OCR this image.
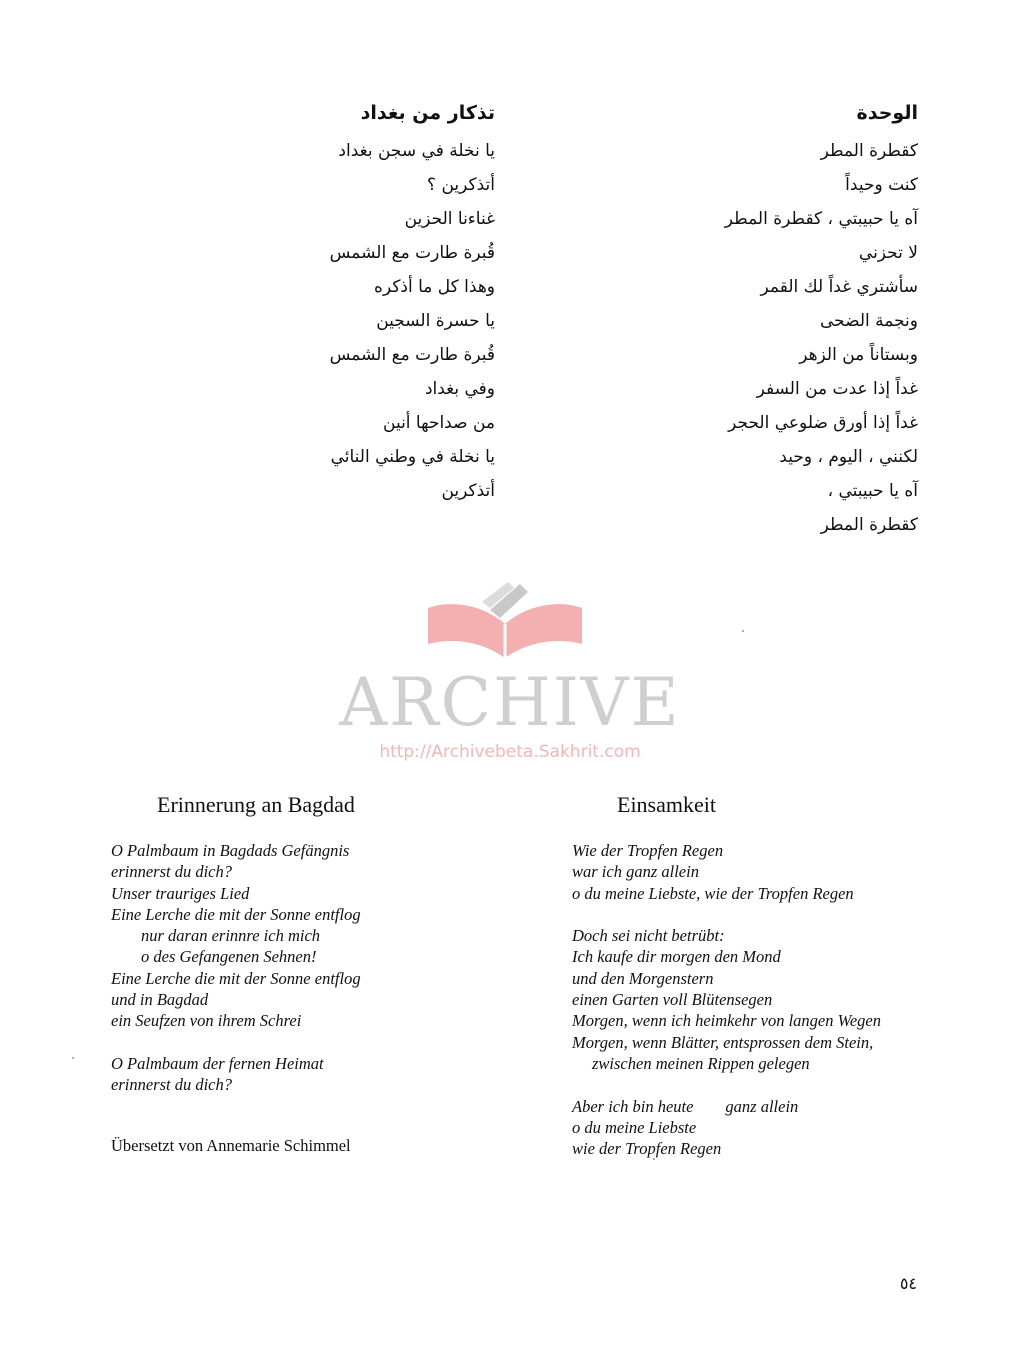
الوحدة
كقطرة المطر
كنت وحيداً
آه يا حبيبتي ، كقطرة المطر
لا تحزني
سأشتري غداً لك القمر
ونجمة الضحى
وبستاناً من الزهر
غداً إذا عدت من السفر
غداً إذا أورق ضلوعي الحجر
لكنني ، اليوم ، وحيد
آه يا حبيبتي ،
كقطرة المطر
تذكار من بغداد
يا نخلة في سجن بغداد
أتذكرين ؟
غناءنا الحزين
قُبرة طارت مع الشمس
وهذا كل ما أذكره
يا حسرة السجين
قُبرة طارت مع الشمس
وفي بغداد
من صداحها أنين
يا نخلة في وطني النائي
أتذكرين
ARCHIVE
http://Archivebeta.Sakhrit.com
Erinnerung an Bagdad	Einsamkeit
O Palmbaum in Bagdads Gefängnis
erinnerst du dich?
Unser trauriges Lied
Eine Lerche die mit der Sonne entflog
nur daran erinnre ich mich
o des Gefangenen Sehnen!
Eine Lerche die mit der Sonne entflog
und in Bagdad
ein Seufzen von ihrem Schrei
O Palmbaum der fernen Heimat
erinnerst du dich?
Übersetzt von Annemarie Schimmel
Wie der Tropfen Regen
war ich ganz allein
o du meine Liebste, wie der Tropfen Regen
Doch sei nicht betrübt:
Ich kaufe dir morgen den Mond
und den Morgenstern
einen Garten voll Blütensegen
Morgen, wenn ich heimkehr von langen Wegen
Morgen, wenn Blätter, entsprossen dem Stein,
zwischen meinen Rippen gelegen
Aber ich bin heute ganz allein
o du meine Liebste
wie der Tropfen Regen
٥٤
